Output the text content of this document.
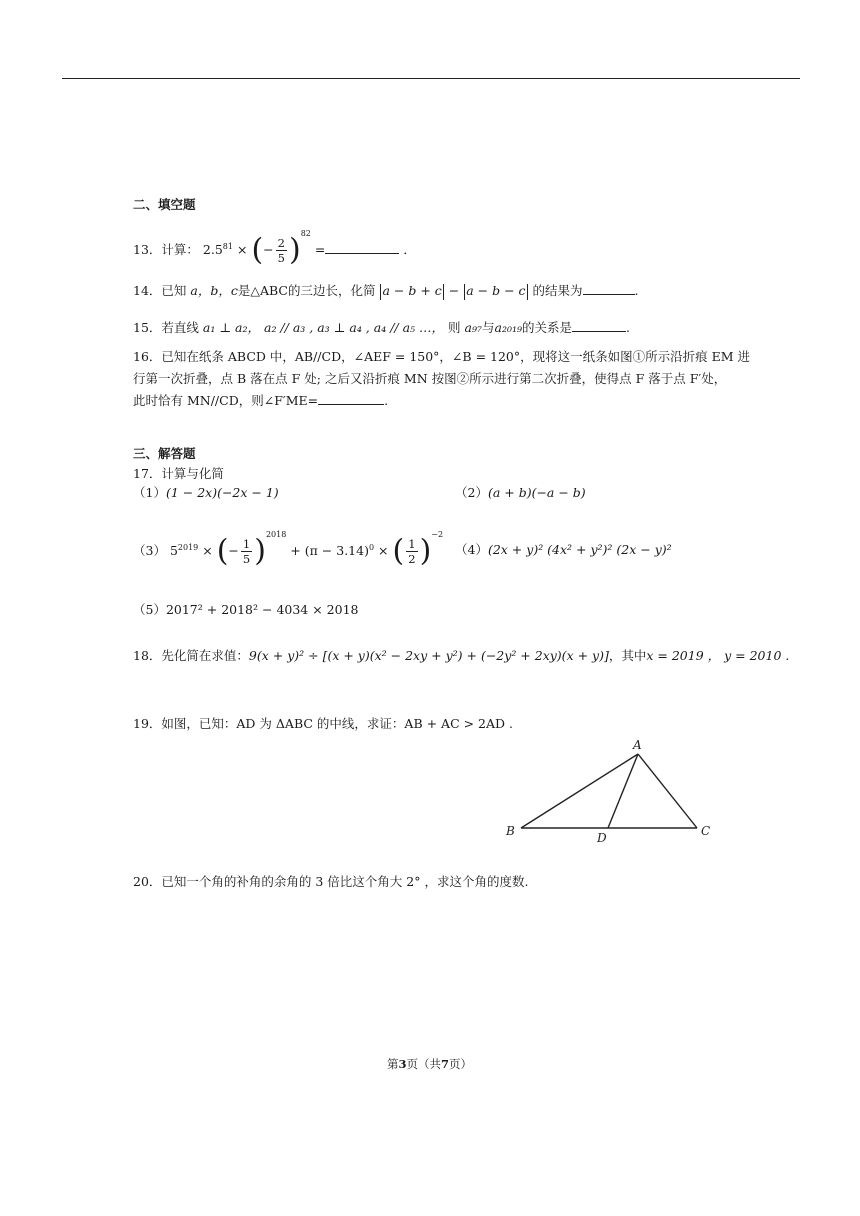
二、填空题
13．计算： $2.5^{81}$ × (− $\frac{2}{5} )^{82}$ =	．
14．已知 a，b，c是△ABC的三边长，化简 a − b + c − a − b − c 的结果为	.
15．若直线 a₁ ⊥ a₂， a₂ // a₃ , a₃ ⊥ a₄ , a₄ // a₅ …， 则 a₉₇与a₂₀₁₉的关系是	.
16．已知在纸条 ABCD 中，AB//CD，∠AEF = 150°，∠B = 120°，现将这一纸条如图①所示沿折痕 EM 进
行第一次折叠，点 B 落在点 F 处; 之后又沿折痕 MN 按图②所示进行第二次折叠，使得点 F 落于点 F′处，
此时恰有 MN//CD，则∠F′ME=	.
三、解答题
17．计算与化简
（1）(1 − 2x)(−2x − 1)	（2）(a + b)(−a − b)
（3） $5^{2019}$ × (− $\frac{1}{5} )^{2018} + (\pi - 3.14)^0$ × ( $\frac{1}{2} )^{-2}$
（4）(2x + y)² (4x² + y²)² (2x − y)²
（5）2017² + 2018² − 4034 × 2018
18．先化简在求值：9(x + y)² ÷ [(x + y)(x² − 2xy + y²) + (−2y² + 2xy)(x + y)]，其中x = 2019 ， y = 2010 .
19．如图，已知：AD 为 ΔABC 的中线，求证：AB + AC > 2AD .
A
B	C
D
20．已知一个角的补角的余角的 3 倍比这个角大 2° ，求这个角的度数.
第3页（共7页）
